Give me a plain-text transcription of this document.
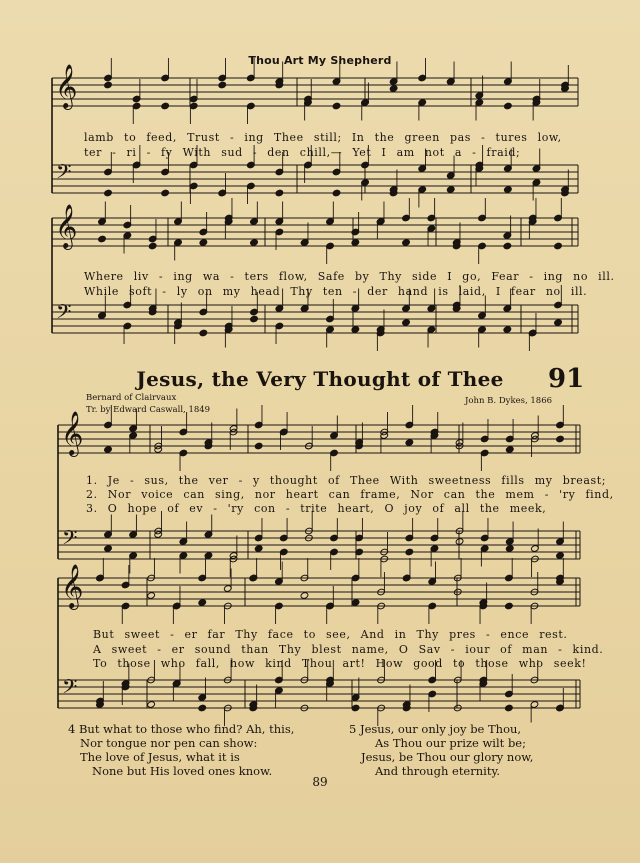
Thou Art My Shepherd
𝄞
𝄢
𝄞
𝄢
𝄞
𝄢
𝄞
𝄢
lamb to feed, Trust - ing Thee still; In the green pas - tures low,
ter - ri - fy With sud - den chill,— Yet I am not a - fraid;
Where liv - ing wa - ters flow, Safe by Thy side I go, Fear - ing no ill.
While soft - ly on my head Thy ten - der hand is laid, I fear no ill.
Jesus, the Very Thought of Thee	91
Bernard of Clairvaux
Tr. by Edward Caswall, 1849
John B. Dykes, 1866
1. Je - sus, the ver - y thought of Thee With sweetness fills my breast;
2. Nor voice can sing, nor heart can frame, Nor can the mem - 'ry find,
3. O hope of ev - 'ry con - trite heart, O joy of all the meek,
But sweet - er far Thy face to see, And in Thy pres - ence rest.
A sweet - er sound than Thy blest name, O Sav - iour of man - kind.
To those who fall, how kind Thou art! How good to those who seek!
4 But what to those who find? Ah, this,
Nor tongue nor pen can show:
The love of Jesus, what it is
None but His loved ones know.
5 Jesus, our only joy be Thou,
As Thou our prize wilt be;
Jesus, be Thou our glory now,
And through eternity.
89
